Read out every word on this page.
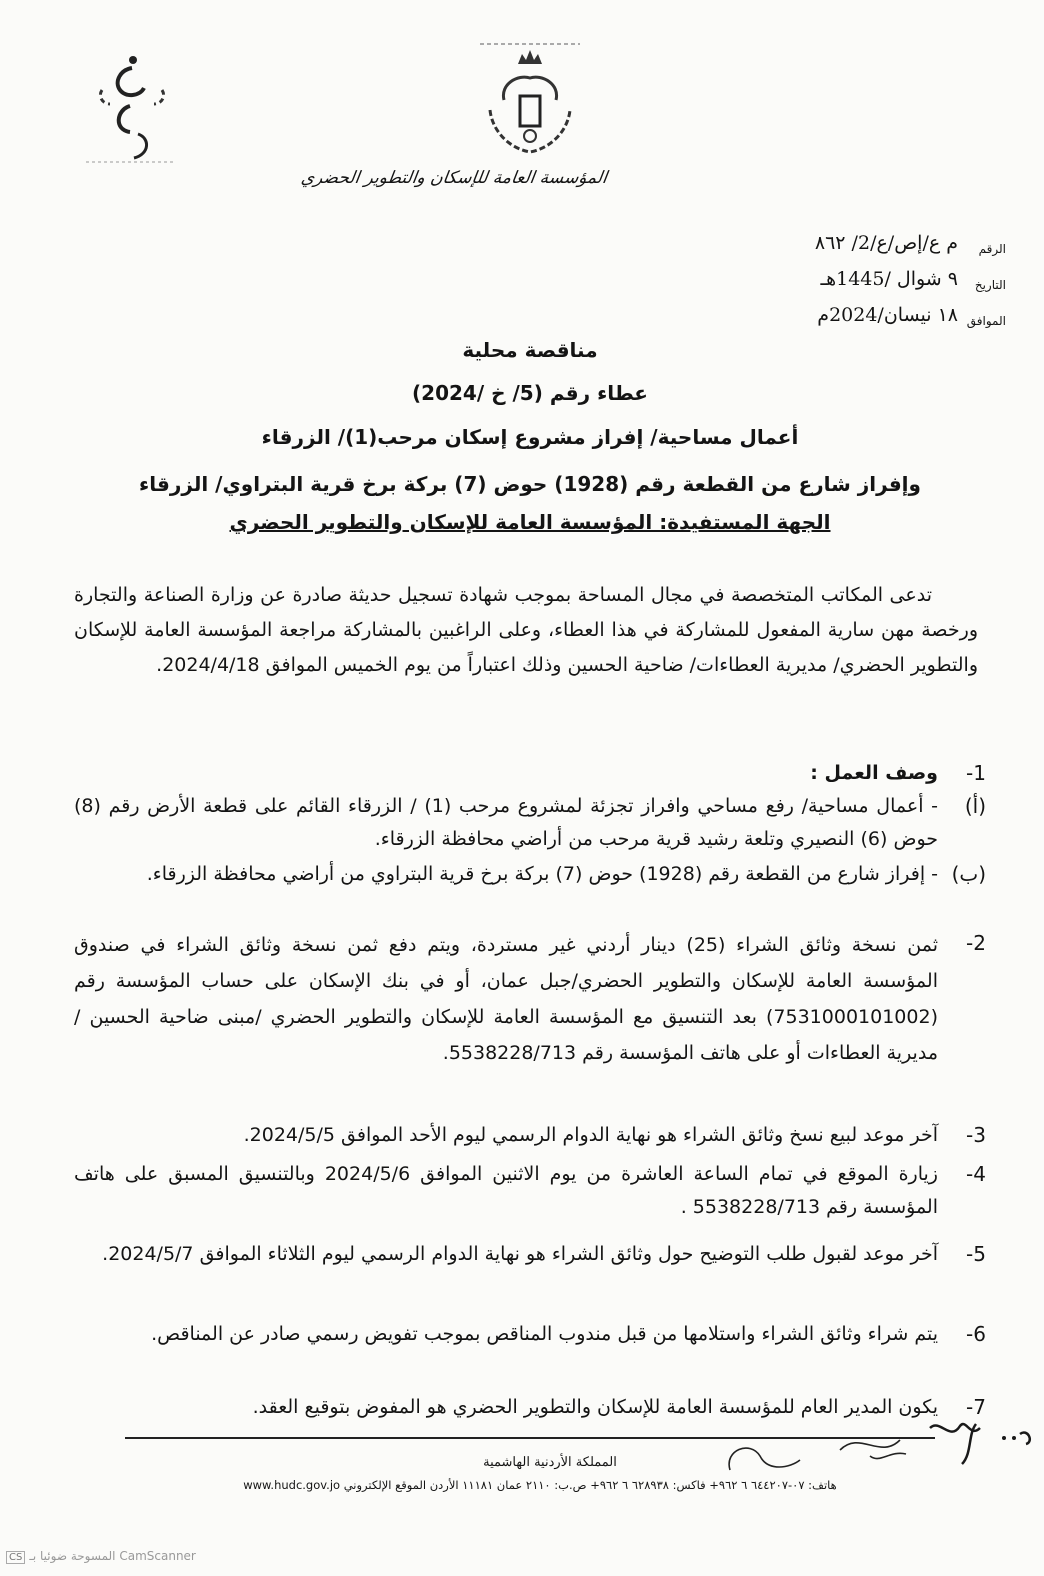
المؤسسة العامة للإسكان والتطوير الحضري
الرقم
م ع/إص/ع/2/ ٨٦٢
التاريخ
٩ شوال /1445هـ
الموافق
١٨ نيسان/2024م
مناقصة محلية
عطاء رقم (5/ خ /2024)
أعمال مساحية/ إفراز مشروع إسكان مرحب(1)/ الزرقاء
وإفراز شارع من القطعة رقم (1928) حوض (7) بركة برخ قرية البتراوي/ الزرقاء
الجهة المستفيدة: المؤسسة العامة للإسكان والتطوير الحضري
تدعى المكاتب المتخصصة في مجال المساحة بموجب شهادة تسجيل حديثة صادرة عن وزارة الصناعة والتجارة ورخصة مهن سارية المفعول للمشاركة في هذا العطاء، وعلى الراغبين بالمشاركة مراجعة المؤسسة العامة للإسكان والتطوير الحضري/ مديرية العطاءات/ ضاحية الحسين وذلك اعتباراً من يوم الخميس الموافق 2024/4/18.
1-
وصف العمل :
(أ)
- أعمال مساحية/ رفع مساحي وافراز تجزئة لمشروع مرحب (1) / الزرقاء القائم على قطعة الأرض رقم (8) حوض (6) النصيري وتلعة رشيد قرية مرحب من أراضي محافظة الزرقاء.
(ب)
- إفراز شارع من القطعة رقم (1928) حوض (7) بركة برخ قرية البتراوي من أراضي محافظة الزرقاء.
2-
ثمن نسخة وثائق الشراء (25) دينار أردني غير مستردة، ويتم دفع ثمن نسخة وثائق الشراء في صندوق المؤسسة العامة للإسكان والتطوير الحضري/جبل عمان، أو في بنك الإسكان على حساب المؤسسة رقم (7531000101002) بعد التنسيق مع المؤسسة العامة للإسكان والتطوير الحضري /مبنى ضاحية الحسين /مديرية العطاءات أو على هاتف المؤسسة رقم 5538228/713.
3-
آخر موعد لبيع نسخ وثائق الشراء هو نهاية الدوام الرسمي ليوم الأحد الموافق 2024/5/5.
4-
زيارة الموقع في تمام الساعة العاشرة من يوم الاثنين الموافق 2024/5/6 وبالتنسيق المسبق على هاتف المؤسسة رقم 5538228/713 .
5-
آخر موعد لقبول طلب التوضيح حول وثائق الشراء هو نهاية الدوام الرسمي ليوم الثلاثاء الموافق 2024/5/7.
6-
يتم شراء وثائق الشراء واستلامها من قبل مندوب المناقص بموجب تفويض رسمي صادر عن المناقص.
7-
يكون المدير العام للمؤسسة العامة للإسكان والتطوير الحضري هو المفوض بتوقيع العقد.
المملكة الأردنية الهاشمية
هاتف: ٠٧-٦٤٤٢٠٧ ٦ ٩٦٢+ فاكس: ٦٢٨٩٣٨ ٦ ٩٦٢+ ص.ب: ٢١١٠ عمان ١١١٨١ الأردن الموقع الإلكتروني www.hudc.gov.jo
CS CamScanner المسوحة ضوئيا بـ
